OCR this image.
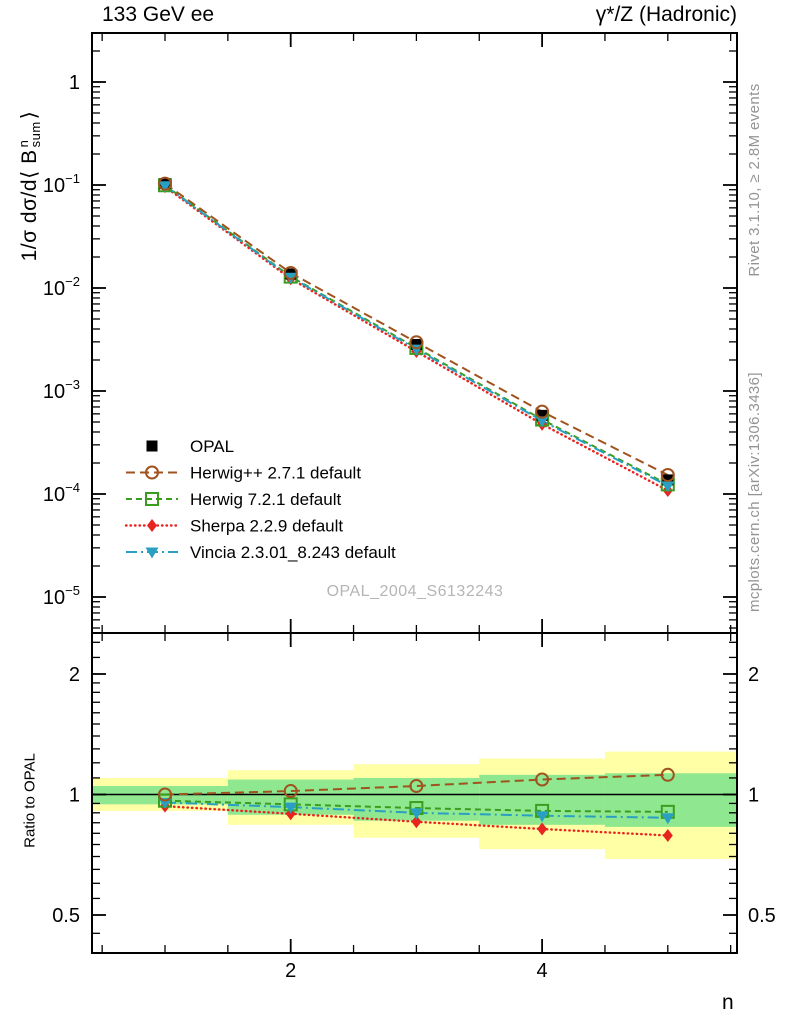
2	4
1
$10^{-1}$
$10^{-2}$
$10^{-3}$
$10^{-4}$
$10^{-5}$
0.5	0.5
1	1
2	2
OPAL
Herwig++ 2.7.1 default
Herwig 7.2.1 default
Sherpa 2.2.9 default
Vincia 2.3.01_8.243 default
133 GeV ee	γ*/Z (Hadronic)
Rivet 3.1.10, ≥ 2.8M events
mcplots.cern.ch [arXiv:1306.3436]
1/σ dσ/d⟨ B
n
sum
⟩
Ratio to OPAL
OPAL_2004_S6132243
n
